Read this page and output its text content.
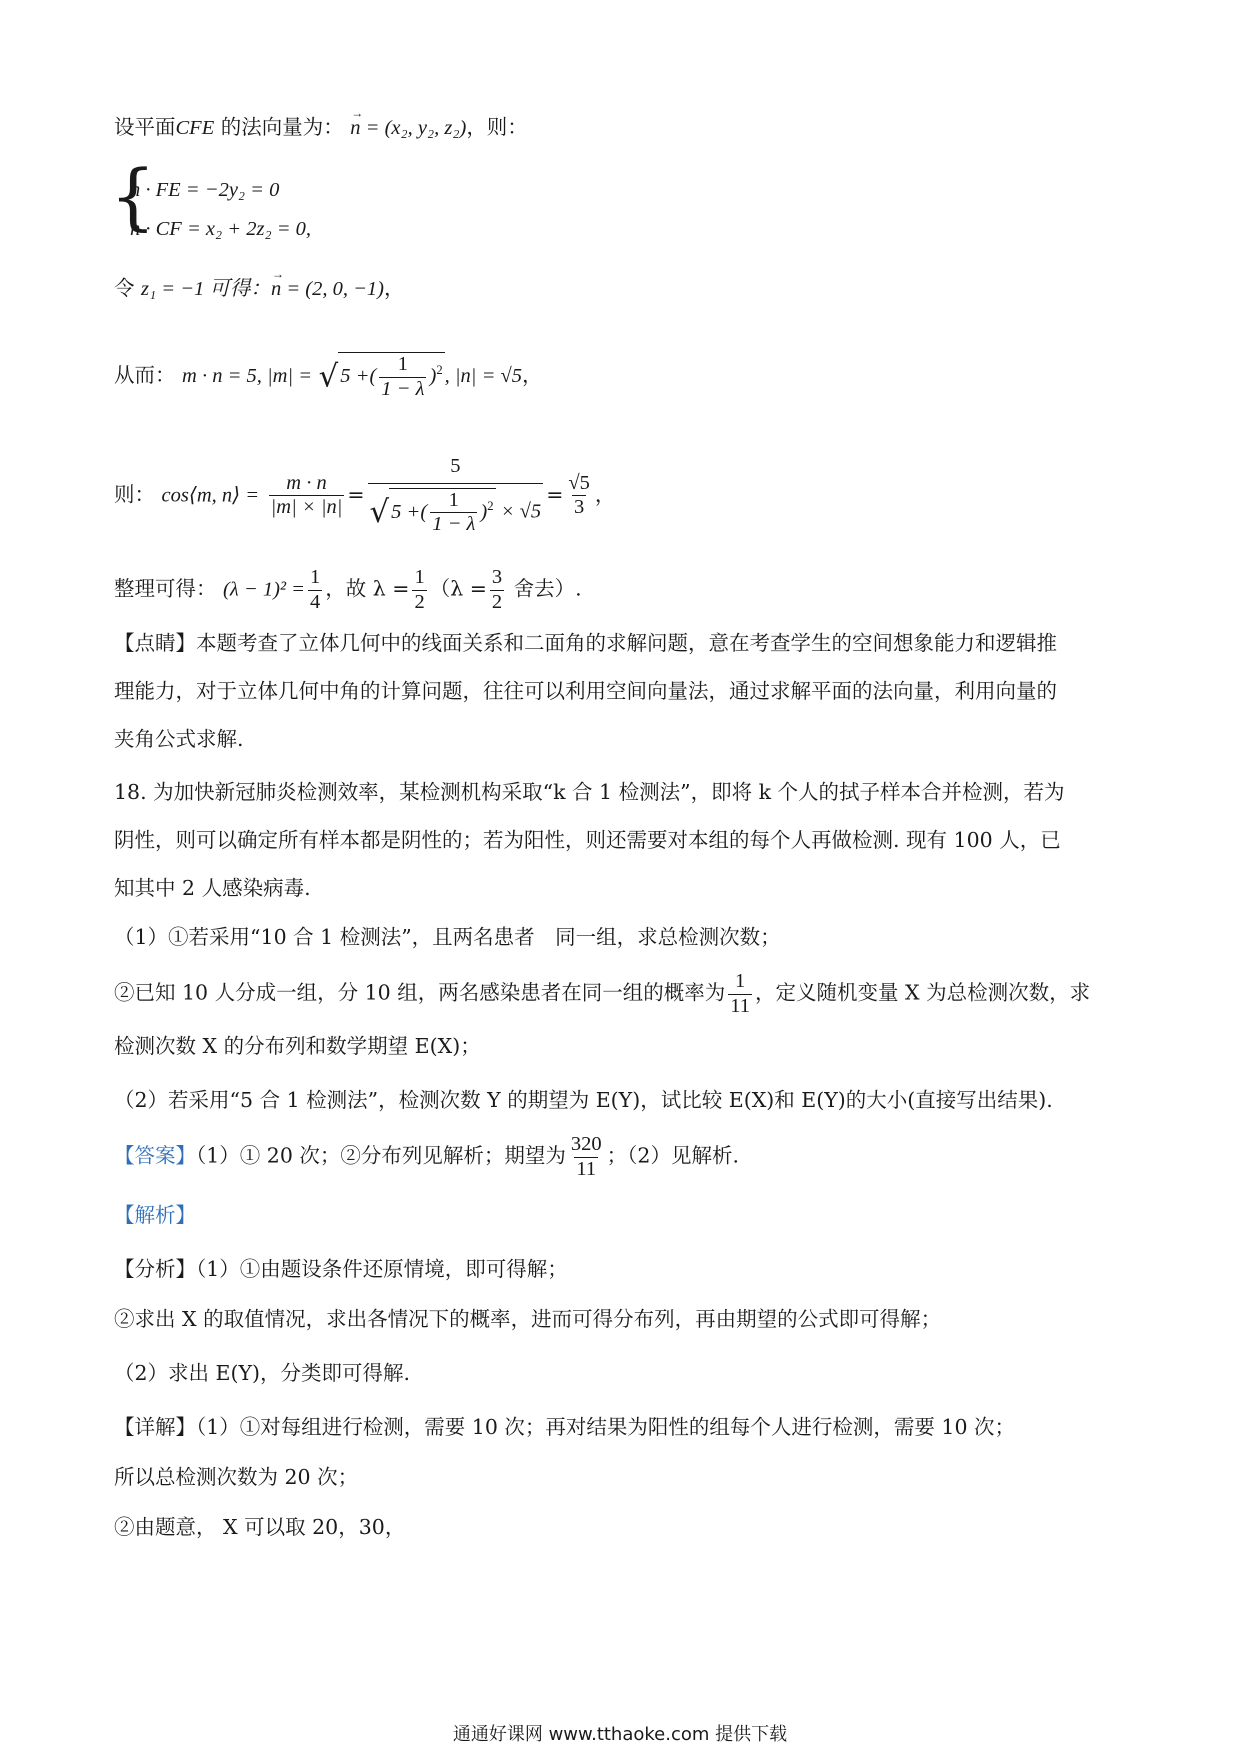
设平面CFE 的法向量为： → n = (x₂, y₂, z₂)，则：
{
n · FE = −2y₂ = 0
n · CF = x₂ + 2z₂ = 0,
令 z₁ = −1 可得：→ n = (2, 0, −1)，
从而： m · n = 5, |m| = √5 +( $\frac{1}{1 - \lambda} )^2$, |n| = √5，
则： cos⟨m, n⟩ = $\frac{m \cdot n}{|m| \times |n|} = \frac{5}{√5 +( \frac{1}{1 - \lambda} )^2 \times √5} = \frac{√5}{3}$ ，
整理可得： $(\lambda - 1)^2 = \frac{1}{4}$ ，故 $\lambda = \frac{1}{2} (\lambda = \frac{3}{2}$ 舍去）.
【点睛】本题考查了立体几何中的线面关系和二面角的求解问题，意在考查学生的空间想象能力和逻辑推
理能力，对于立体几何中角的计算问题，往往可以利用空间向量法，通过求解平面的法向量，利用向量的
夹角公式求解.
18. 为加快新冠肺炎检测效率，某检测机构采取“k 合 1 检测法”，即将 k 个人的拭子样本合并检测，若为
阴性，则可以确定所有样本都是阴性的；若为阳性，则还需要对本组的每个人再做检测. 现有 100 人，已
知其中 2 人感染病毒.
（1）①若采用“10 合 1 检测法”，且两名患者　同一组，求总检测次数；
②已知 10 人分成一组，分 10 组，两名感染患者在同一组的概率为 $\frac{1}{11}$ ，定义随机变量 X 为总检测次数，求
检测次数 X 的分布列和数学期望 E(X)；
（2）若采用“5 合 1 检测法”，检测次数 Y 的期望为 E(Y)，试比较 E(X)和 E(Y)的大小(直接写出结果).
【答案】（1）① 20 次；②分布列见解析；期望为 $\frac{320}{11}$ ；（2）见解析.
【解析】
【分析】（1）①由题设条件还原情境，即可得解；
②求出 X 的取值情况，求出各情况下的概率，进而可得分布列，再由期望的公式即可得解；
（2）求出 E(Y)，分类即可得解.
【详解】（1）①对每组进行检测，需要 10 次；再对结果为阳性的组每个人进行检测，需要 10 次；
所以总检测次数为 20 次；
②由题意， X 可以取 20，30，
通通好课网 www.tthaoke.com 提供下载
